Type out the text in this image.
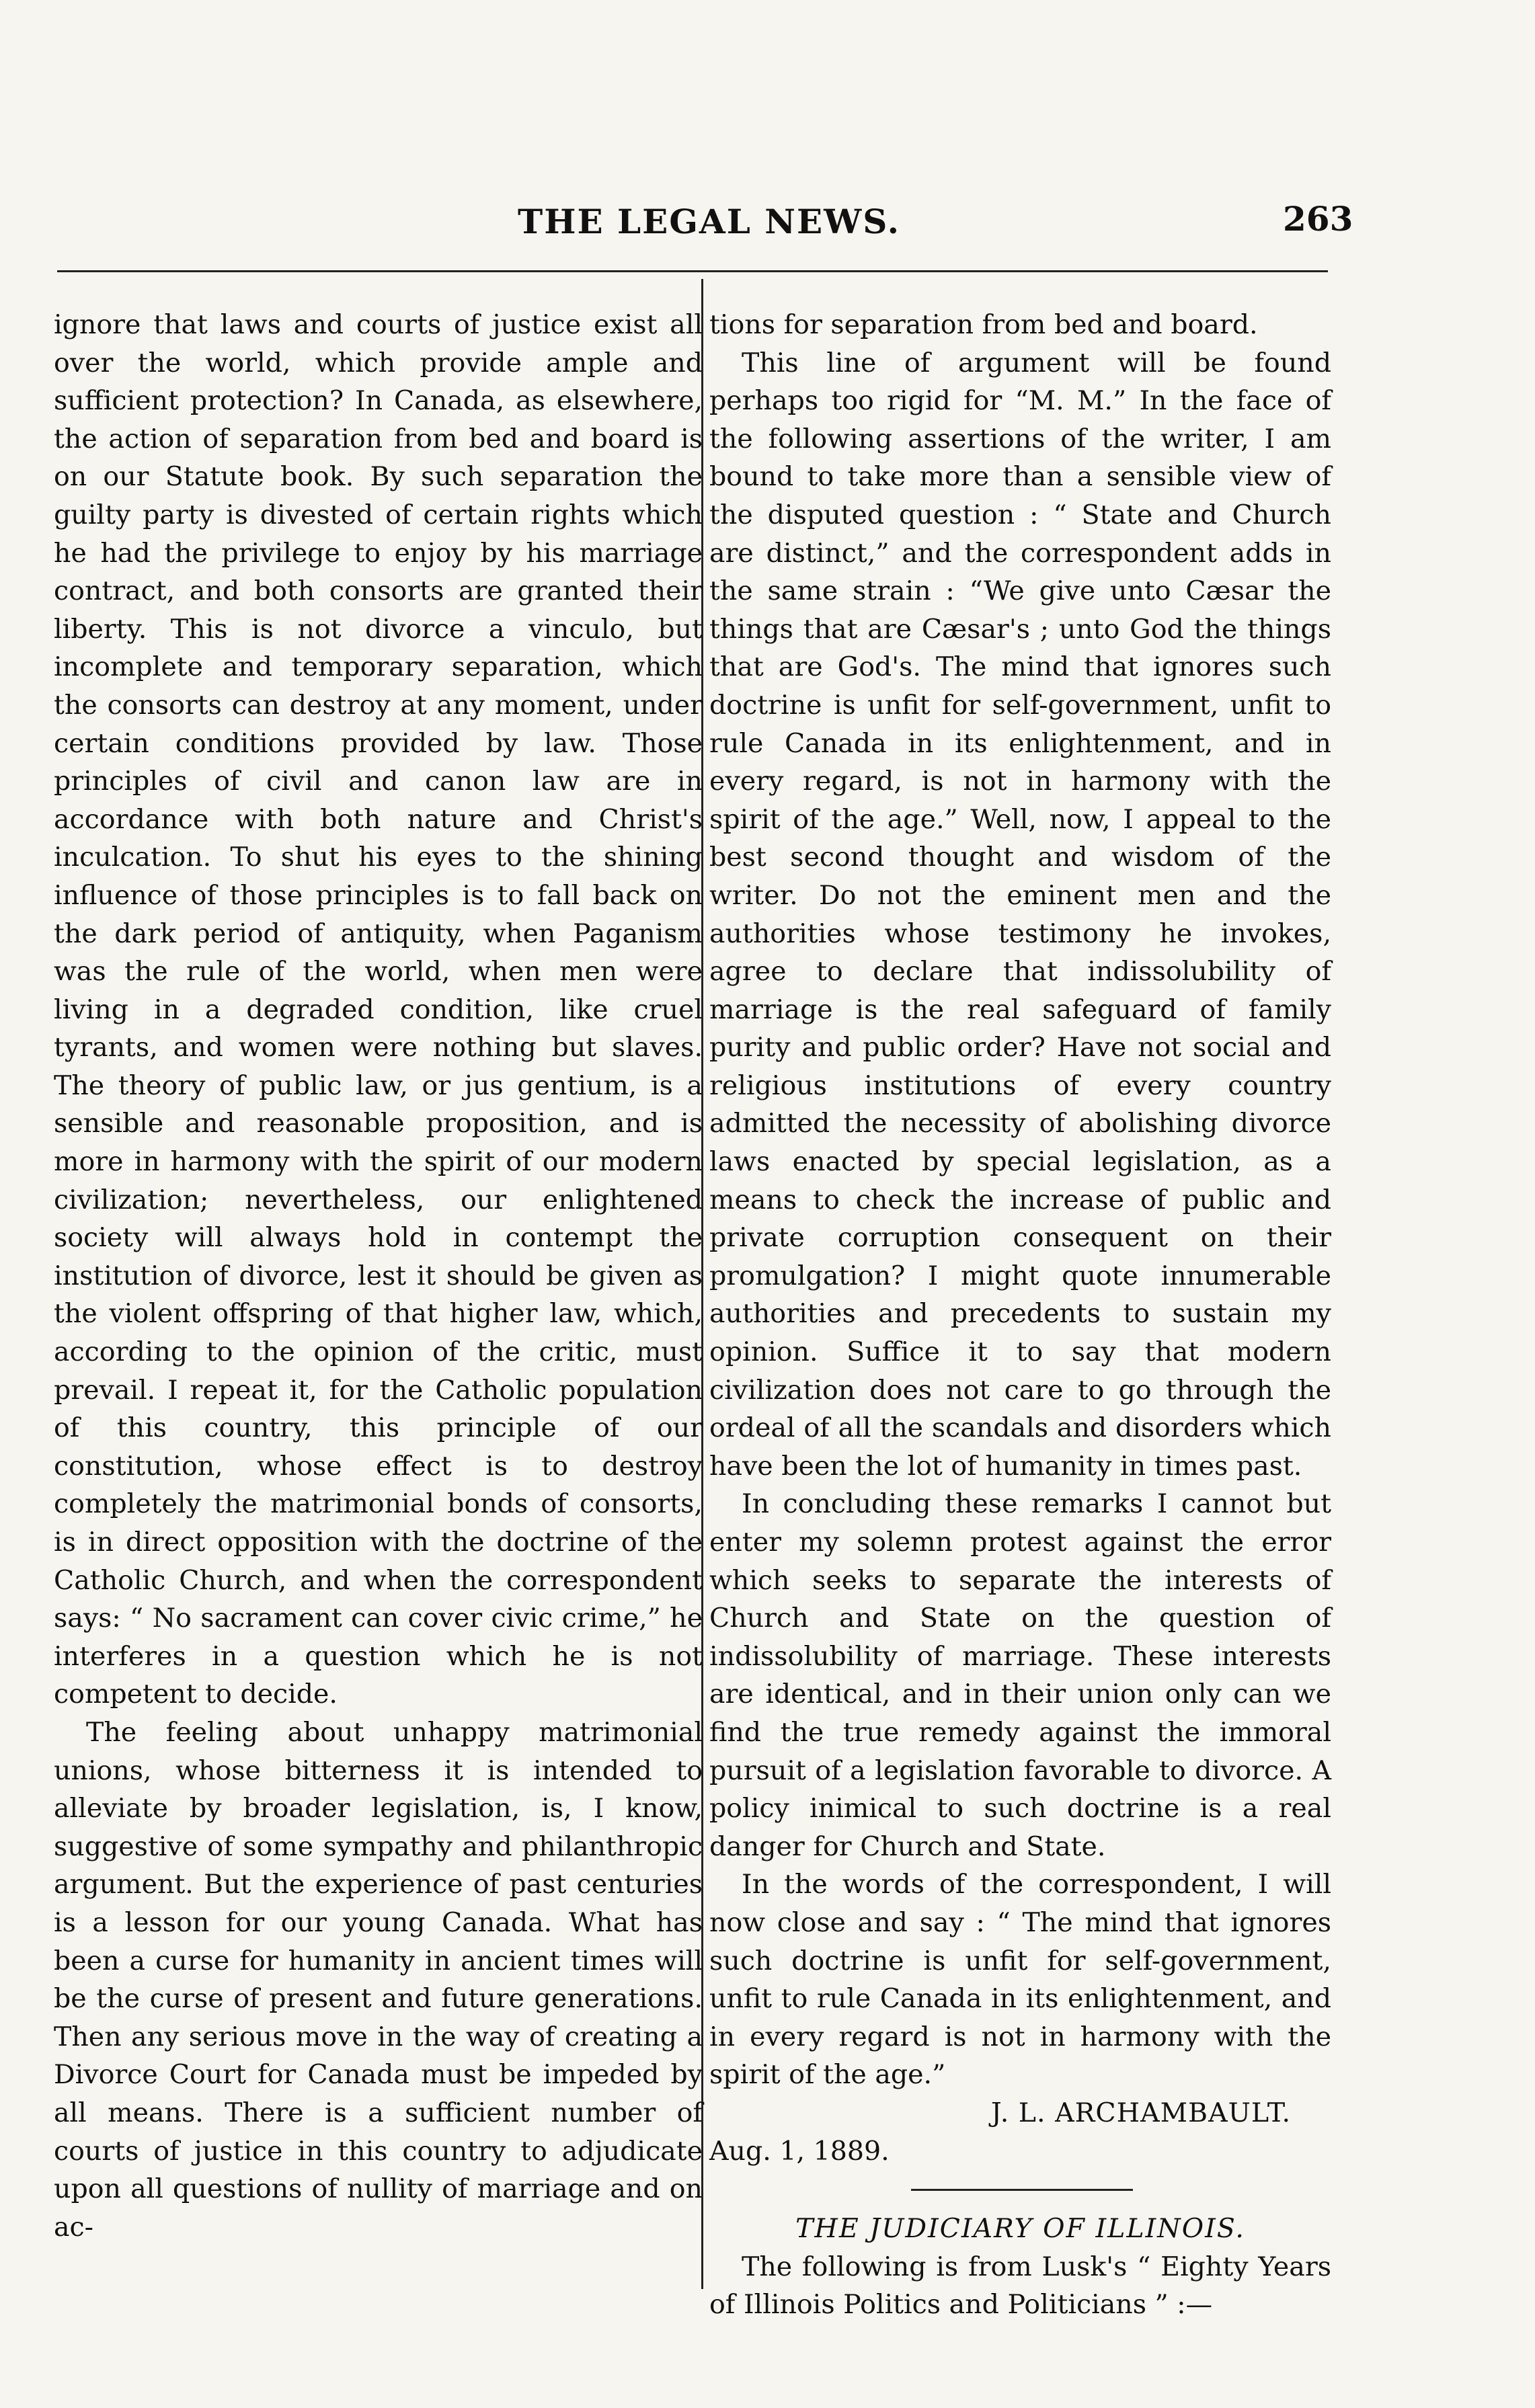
THE LEGAL NEWS.	263

ignore that laws and courts of justice exist all over the world, which provide ample and sufficient protection? In Canada, as elsewhere, the action of separation from bed and board is on our Statute book. By such separation the guilty party is divested of certain rights which he had the privilege to enjoy by his marriage contract, and both consorts are granted their liberty. This is not divorce a vinculo, but incomplete and temporary separation, which the consorts can destroy at any moment, under certain conditions provided by law. Those principles of civil and canon law are in accordance with both nature and Christ's inculcation. To shut his eyes to the shining influence of those principles is to fall back on the dark period of antiquity, when Paganism was the rule of the world, when men were living in a degraded condition, like cruel tyrants, and women were nothing but slaves. The theory of public law, or jus gentium, is a sensible and reasonable proposition, and is more in harmony with the spirit of our modern civilization; nevertheless, our enlightened society will always hold in contempt the institution of divorce, lest it should be given as the violent offspring of that higher law, which, according to the opinion of the critic, must prevail. I repeat it, for the Catholic population of this country, this principle of our constitution, whose effect is to destroy completely the matrimonial bonds of consorts, is in direct opposition with the doctrine of the Catholic Church, and when the correspondent says: “ No sacrament can cover civic crime,” he interferes in a question which he is not competent to decide.

The feeling about unhappy matrimonial unions, whose bitterness it is intended to alleviate by broader legislation, is, I know, suggestive of some sympathy and philanthropic argument. But the experience of past centuries is a lesson for our young Canada. What has been a curse for humanity in ancient times will be the curse of present and future generations. Then any serious move in the way of creating a Divorce Court for Canada must be impeded by all means. There is a sufficient number of courts of justice in this country to adjudicate upon all questions of nullity of marriage and on ac-

tions for separation from bed and board.

This line of argument will be found perhaps too rigid for “M. M.” In the face of the following assertions of the writer, I am bound to take more than a sensible view of the disputed question : “ State and Church are distinct,” and the correspondent adds in the same strain : “We give unto Cæsar the things that are Cæsar's ; unto God the things that are God's. The mind that ignores such doctrine is unfit for self-government, unfit to rule Canada in its enlightenment, and in every regard, is not in harmony with the spirit of the age.” Well, now, I appeal to the best second thought and wisdom of the writer. Do not the eminent men and the authorities whose testimony he invokes, agree to declare that indissolubility of marriage is the real safeguard of family purity and public order? Have not social and religious institutions of every country admitted the necessity of abolishing divorce laws enacted by special legislation, as a means to check the increase of public and private corruption consequent on their promulgation? I might quote innumerable authorities and precedents to sustain my opinion. Suffice it to say that modern civilization does not care to go through the ordeal of all the scandals and disorders which have been the lot of humanity in times past.

In concluding these remarks I cannot but enter my solemn protest against the error which seeks to separate the interests of Church and State on the question of indissolubility of marriage. These interests are identical, and in their union only can we find the true remedy against the immoral pursuit of a legislation favorable to divorce. A policy inimical to such doctrine is a real danger for Church and State.

In the words of the correspondent, I will now close and say : “ The mind that ignores such doctrine is unfit for self-government, unfit to rule Canada in its enlightenment, and in every regard is not in harmony with the spirit of the age.”

J. L. ARCHAMBAULT.

Aug. 1, 1889.

THE JUDICIARY OF ILLINOIS.

The following is from Lusk's “ Eighty Years of Illinois Politics and Politicians ” :—
